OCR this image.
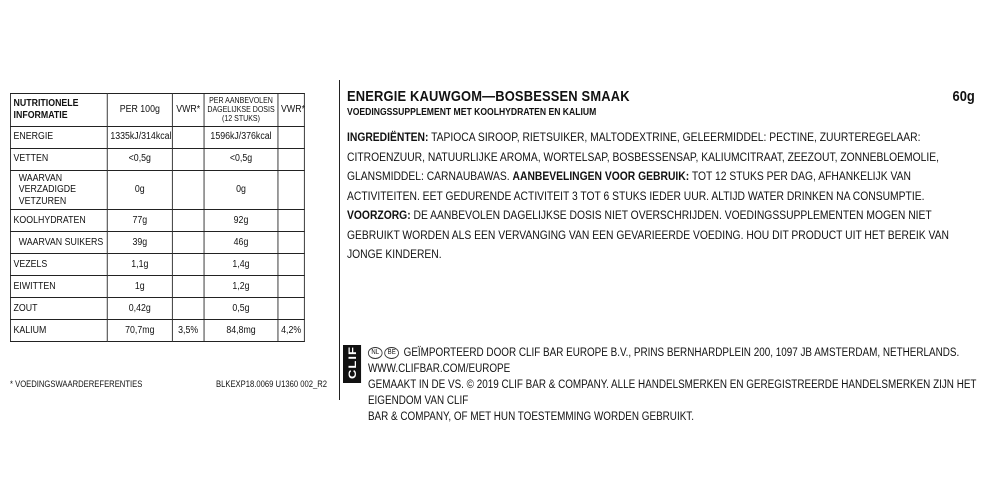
NUTRITIONELE INFORMATIE	PER 100g	VWR*	PER AANBEVOLEN DAGELIJKSE DOSIS (12 STUKS)	VWR*
ENERGIE	1335kJ/314kcal		1596kJ/376kcal	
VETTEN	<0,5g		<0,5g	
WAARVAN VERZADIGDE VETZUREN	0g		0g	
KOOLHYDRATEN	77g		92g	
WAARVAN SUIKERS	39g		46g	
VEZELS	1,1g		1,4g	
EIWITTEN	1g		1,2g	
ZOUT	0,42g		0,5g	
KALIUM	70,7mg	3,5%	84,8mg	4,2%
* VOEDINGSWAARDEREFERENTIES	BLKEXP18.0069 U1360 002_R2
ENERGIE KAUWGOM—BOSBESSEN SMAAK	60g
VOEDINGSSUPPLEMENT MET KOOLHYDRATEN EN KALIUM
INGREDIËNTEN: TAPIOCA SIROOP, RIETSUIKER, MALTODEXTRINE, GELEERMIDDEL: PECTINE, ZUURTEREGELAAR: CITROENZUUR, NATUURLIJKE AROMA, WORTELSAP, BOSBESSENSAP, KALIUMCITRAAT, ZEEZOUT, ZONNEBLOEMOLIE, GLANSMIDDEL: CARNAUBAWAS. AANBEVELINGEN VOOR GEBRUIK: TOT 12 STUKS PER DAG, AFHANKELIJK VAN ACTIVITEITEN. EET GEDURENDE ACTIVITEIT 3 TOT 6 STUKS IEDER UUR. ALTIJD WATER DRINKEN NA CONSUMPTIE. VOORZORG: DE AANBEVOLEN DAGELIJKSE DOSIS NIET OVERSCHRIJDEN. VOEDINGSSUPPLEMENTEN MOGEN NIET GEBRUIKT WORDEN ALS EEN VERVANGING VAN EEN GEVARIEERDE VOEDING. HOU DIT PRODUCT UIT HET BEREIK VAN JONGE KINDEREN.
CLIF	NL BE GEÏMPORTEERD DOOR CLIF BAR EUROPE B.V., PRINS BERNHARDPLEIN 200, 1097 JB AMSTERDAM, NETHERLANDS. WWW.CLIFBAR.COM/EUROPE
GEMAAKT IN DE VS. © 2019 CLIF BAR & COMPANY. ALLE HANDELSMERKEN EN GEREGISTREERDE HANDELSMERKEN ZIJN HET EIGENDOM VAN CLIF
BAR & COMPANY, OF MET HUN TOESTEMMING WORDEN GEBRUIKT.
